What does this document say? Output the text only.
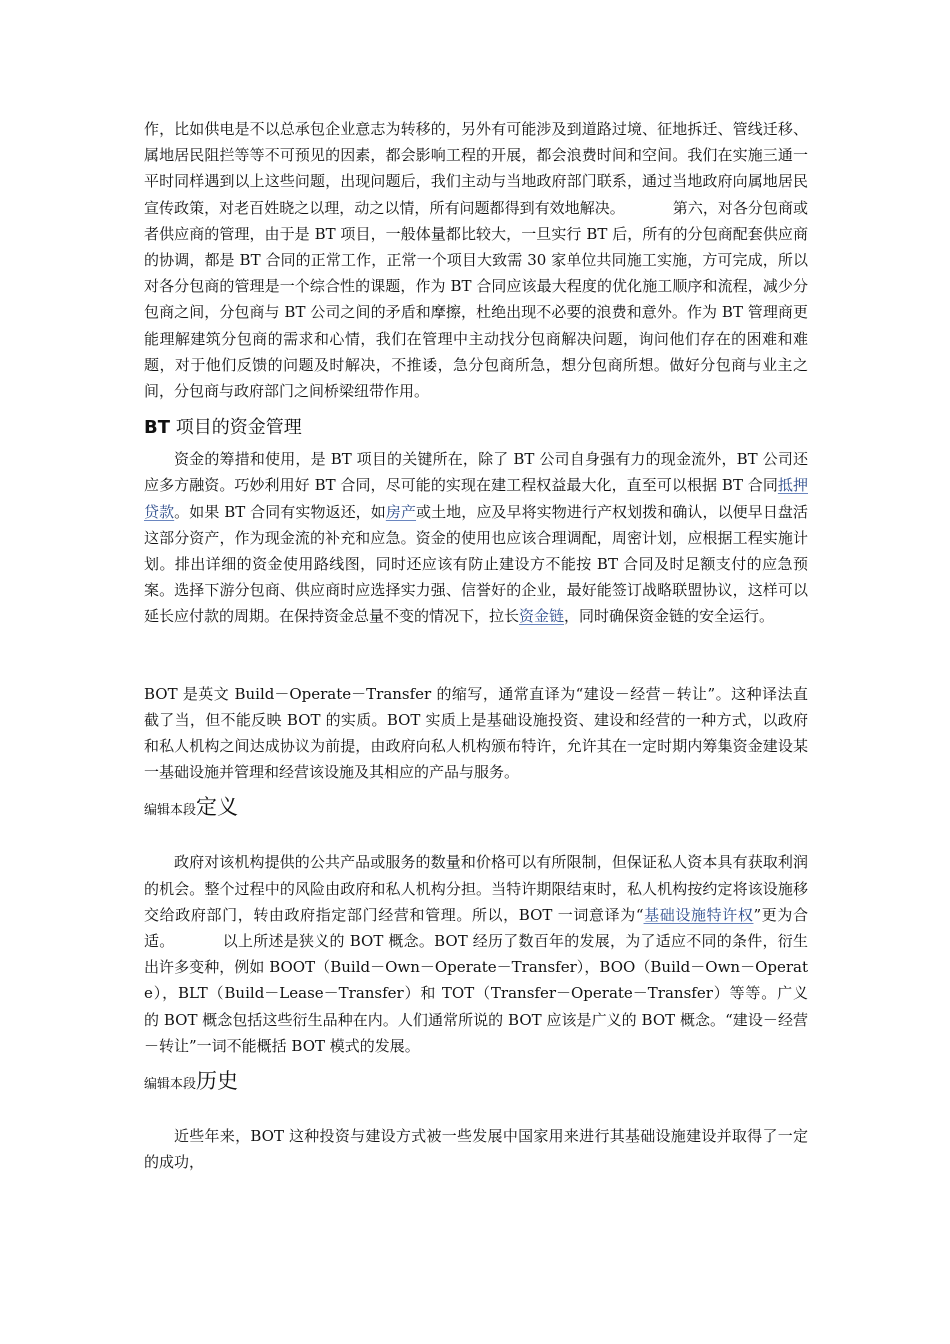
作，比如供电是不以总承包企业意志为转移的，另外有可能涉及到道路过境、征地拆迁、管线迁移、属地居民阻拦等等不可预见的因素，都会影响工程的开展，都会浪费时间和空间。我们在实施三通一平时同样遇到以上这些问题，出现问题后，我们主动与当地政府部门联系，通过当地政府向属地居民宣传政策，对老百姓晓之以理，动之以情，所有问题都得到有效地解决。	第六，对各分包商或者供应商的管理，由于是 BT 项目，一般体量都比较大，一旦实行 BT 后，所有的分包商配套供应商的协调，都是 BT 合同的正常工作，正常一个项目大致需 30 家单位共同施工实施，方可完成，所以对各分包商的管理是一个综合性的课题，作为 BT 合同应该最大程度的优化施工顺序和流程，减少分包商之间，分包商与 BT 公司之间的矛盾和摩擦，杜绝出现不必要的浪费和意外。作为 BT 管理商更能理解建筑分包商的需求和心情，我们在管理中主动找分包商解决问题，询问他们存在的困难和难题，对于他们反馈的问题及时解决，不推诿，急分包商所急，想分包商所想。做好分包商与业主之间，分包商与政府部门之间桥梁纽带作用。

BT 项目的资金管理

资金的筹措和使用，是 BT 项目的关键所在，除了 BT 公司自身强有力的现金流外，BT 公司还应多方融资。巧妙利用好 BT 合同，尽可能的实现在建工程权益最大化，直至可以根据 BT 合同抵押贷款。如果 BT 合同有实物返还，如房产或土地，应及早将实物进行产权划拨和确认，以便早日盘活这部分资产，作为现金流的补充和应急。资金的使用也应该合理调配，周密计划，应根据工程实施计划。排出详细的资金使用路线图，同时还应该有防止建设方不能按 BT 合同及时足额支付的应急预案。选择下游分包商、供应商时应选择实力强、信誉好的企业，最好能签订战略联盟协议，这样可以延长应付款的周期。在保持资金总量不变的情况下，拉长资金链，同时确保资金链的安全运行。

BOT 是英文 Build－Operate－Transfer 的缩写，通常直译为“建设－经营－转让”。这种译法直截了当，但不能反映 BOT 的实质。BOT 实质上是基础设施投资、建设和经营的一种方式，以政府和私人机构之间达成协议为前提，由政府向私人机构颁布特许，允许其在一定时期内筹集资金建设某一基础设施并管理和经营该设施及其相应的产品与服务。

编辑本段定义

政府对该机构提供的公共产品或服务的数量和价格可以有所限制，但保证私人资本具有获取利润的机会。整个过程中的风险由政府和私人机构分担。当特许期限结束时，私人机构按约定将该设施移交给政府部门，转由政府指定部门经营和管理。所以，BOT 一词意译为“基础设施特许权”更为合适。	以上所述是狭义的 BOT 概念。BOT 经历了数百年的发展，为了适应不同的条件，衍生出许多变种，例如 BOOT（Build－Own－Operate－Transfer），BOO（Build－Own－Operate），BLT（Build－Lease－Transfer）和 TOT（Transfer－Operate－Transfer）等等。广义的 BOT 概念包括这些衍生品种在内。人们通常所说的 BOT 应该是广义的 BOT 概念。“建设－经营－转让”一词不能概括 BOT 模式的发展。

编辑本段历史

近些年来，BOT 这种投资与建设方式被一些发展中国家用来进行其基础设施建设并取得了一定的成功，
